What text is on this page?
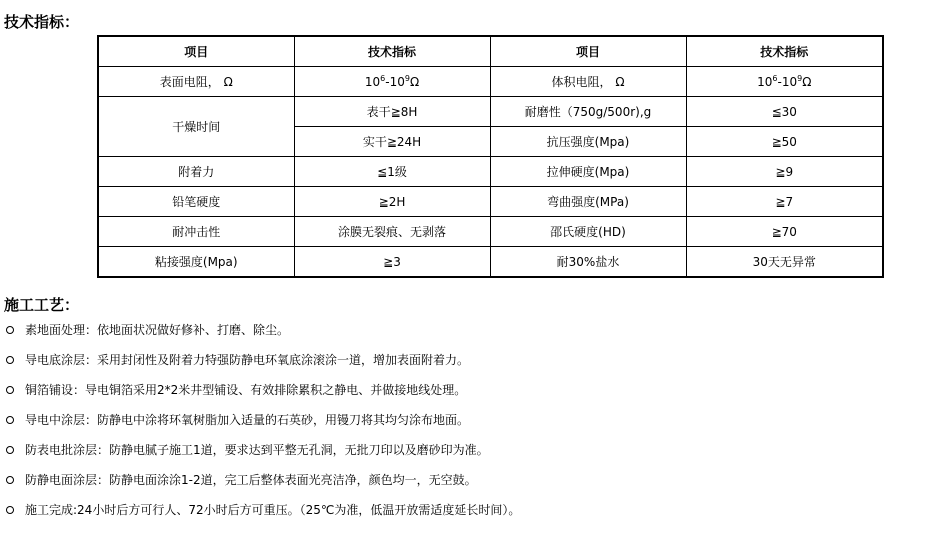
技术指标：
项目	技术指标	项目	技术指标
表面电阻， Ω	$10^6-10^9\Omega$	体积电阻， Ω	$10^6-10^9\Omega$
干燥时间	表干≧8H	耐磨性（750g/500r),g	≦30
	实干≧24H	抗压强度(Mpa)	≧50
附着力	≦1级	拉伸硬度(Mpa)	≧9
铅笔硬度	≧2H	弯曲强度(MPa)	≧7
耐冲击性	涂膜无裂痕、无剥落	邵氏硬度(HD)	≧70
粘接强度(Mpa)	≧3	耐30%盐水	30天无异常
施工工艺：
素地面处理：依地面状况做好修补、打磨、除尘。
导电底涂层：采用封闭性及附着力特强防静电环氧底涂滚涂一道，增加表面附着力。
铜箔铺设：导电铜箔采用2*2米井型铺设、有效排除累积之静电、并做接地线处理。
导电中涂层：防静电中涂将环氧树脂加入适量的石英砂，用镘刀将其均匀涂布地面。
防表电批涂层：防静电腻子施工1道，要求达到平整无孔洞，无批刀印以及磨砂印为准。
防静电面涂层：防静电面涂涂1-2道，完工后整体表面光亮洁净，颜色均一，无空鼓。
施工完成:24小时后方可行人、72小时后方可重压。（25℃为准，低温开放需适度延长时间）。
